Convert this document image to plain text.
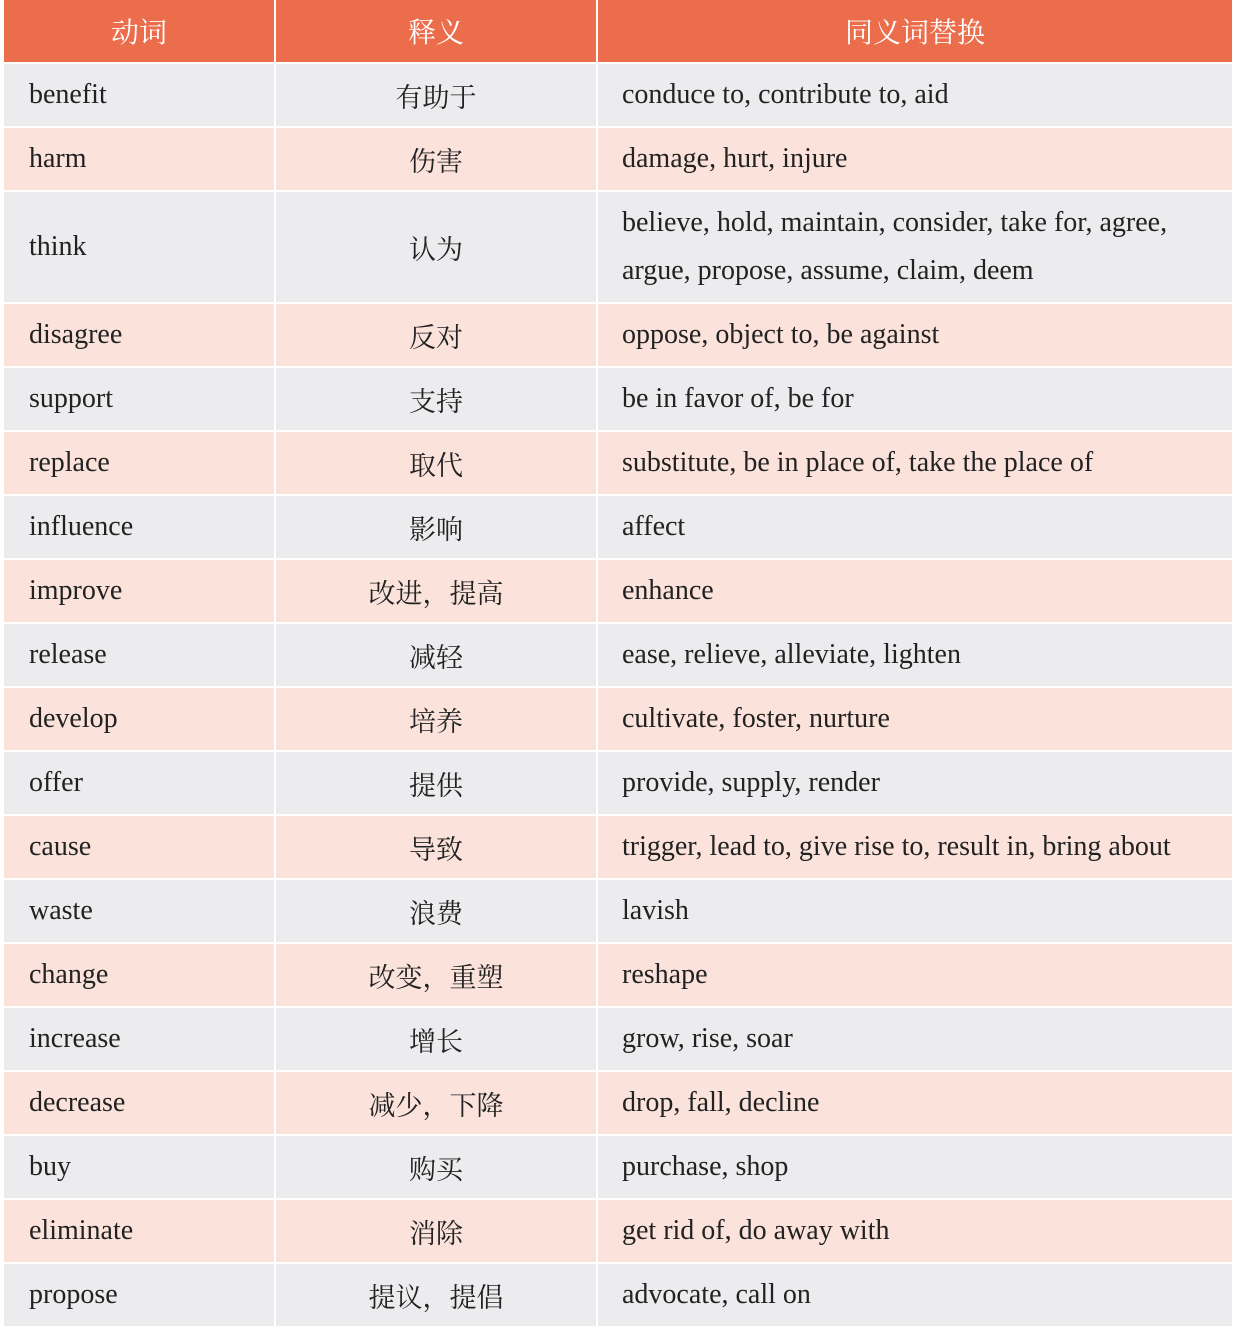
动词	释义	同义词替换
benefit	有助于	conduce to, contribute to, aid
harm	伤害	damage, hurt, injure
think	认为	believe, hold, maintain, consider, take for, agree, argue, propose, assume, claim, deem
disagree	反对	oppose, object to, be against
support	支持	be in favor of, be for
replace	取代	substitute, be in place of, take the place of
influence	影响	affect
improve	改进，提高	enhance
release	减轻	ease, relieve, alleviate, lighten
develop	培养	cultivate, foster, nurture
offer	提供	provide, supply, render
cause	导致	trigger, lead to, give rise to, result in, bring about
waste	浪费	lavish
change	改变，重塑	reshape
increase	增长	grow, rise, soar
decrease	减少，下降	drop, fall, decline
buy	购买	purchase, shop
eliminate	消除	get rid of, do away with
propose	提议，提倡	advocate, call on
